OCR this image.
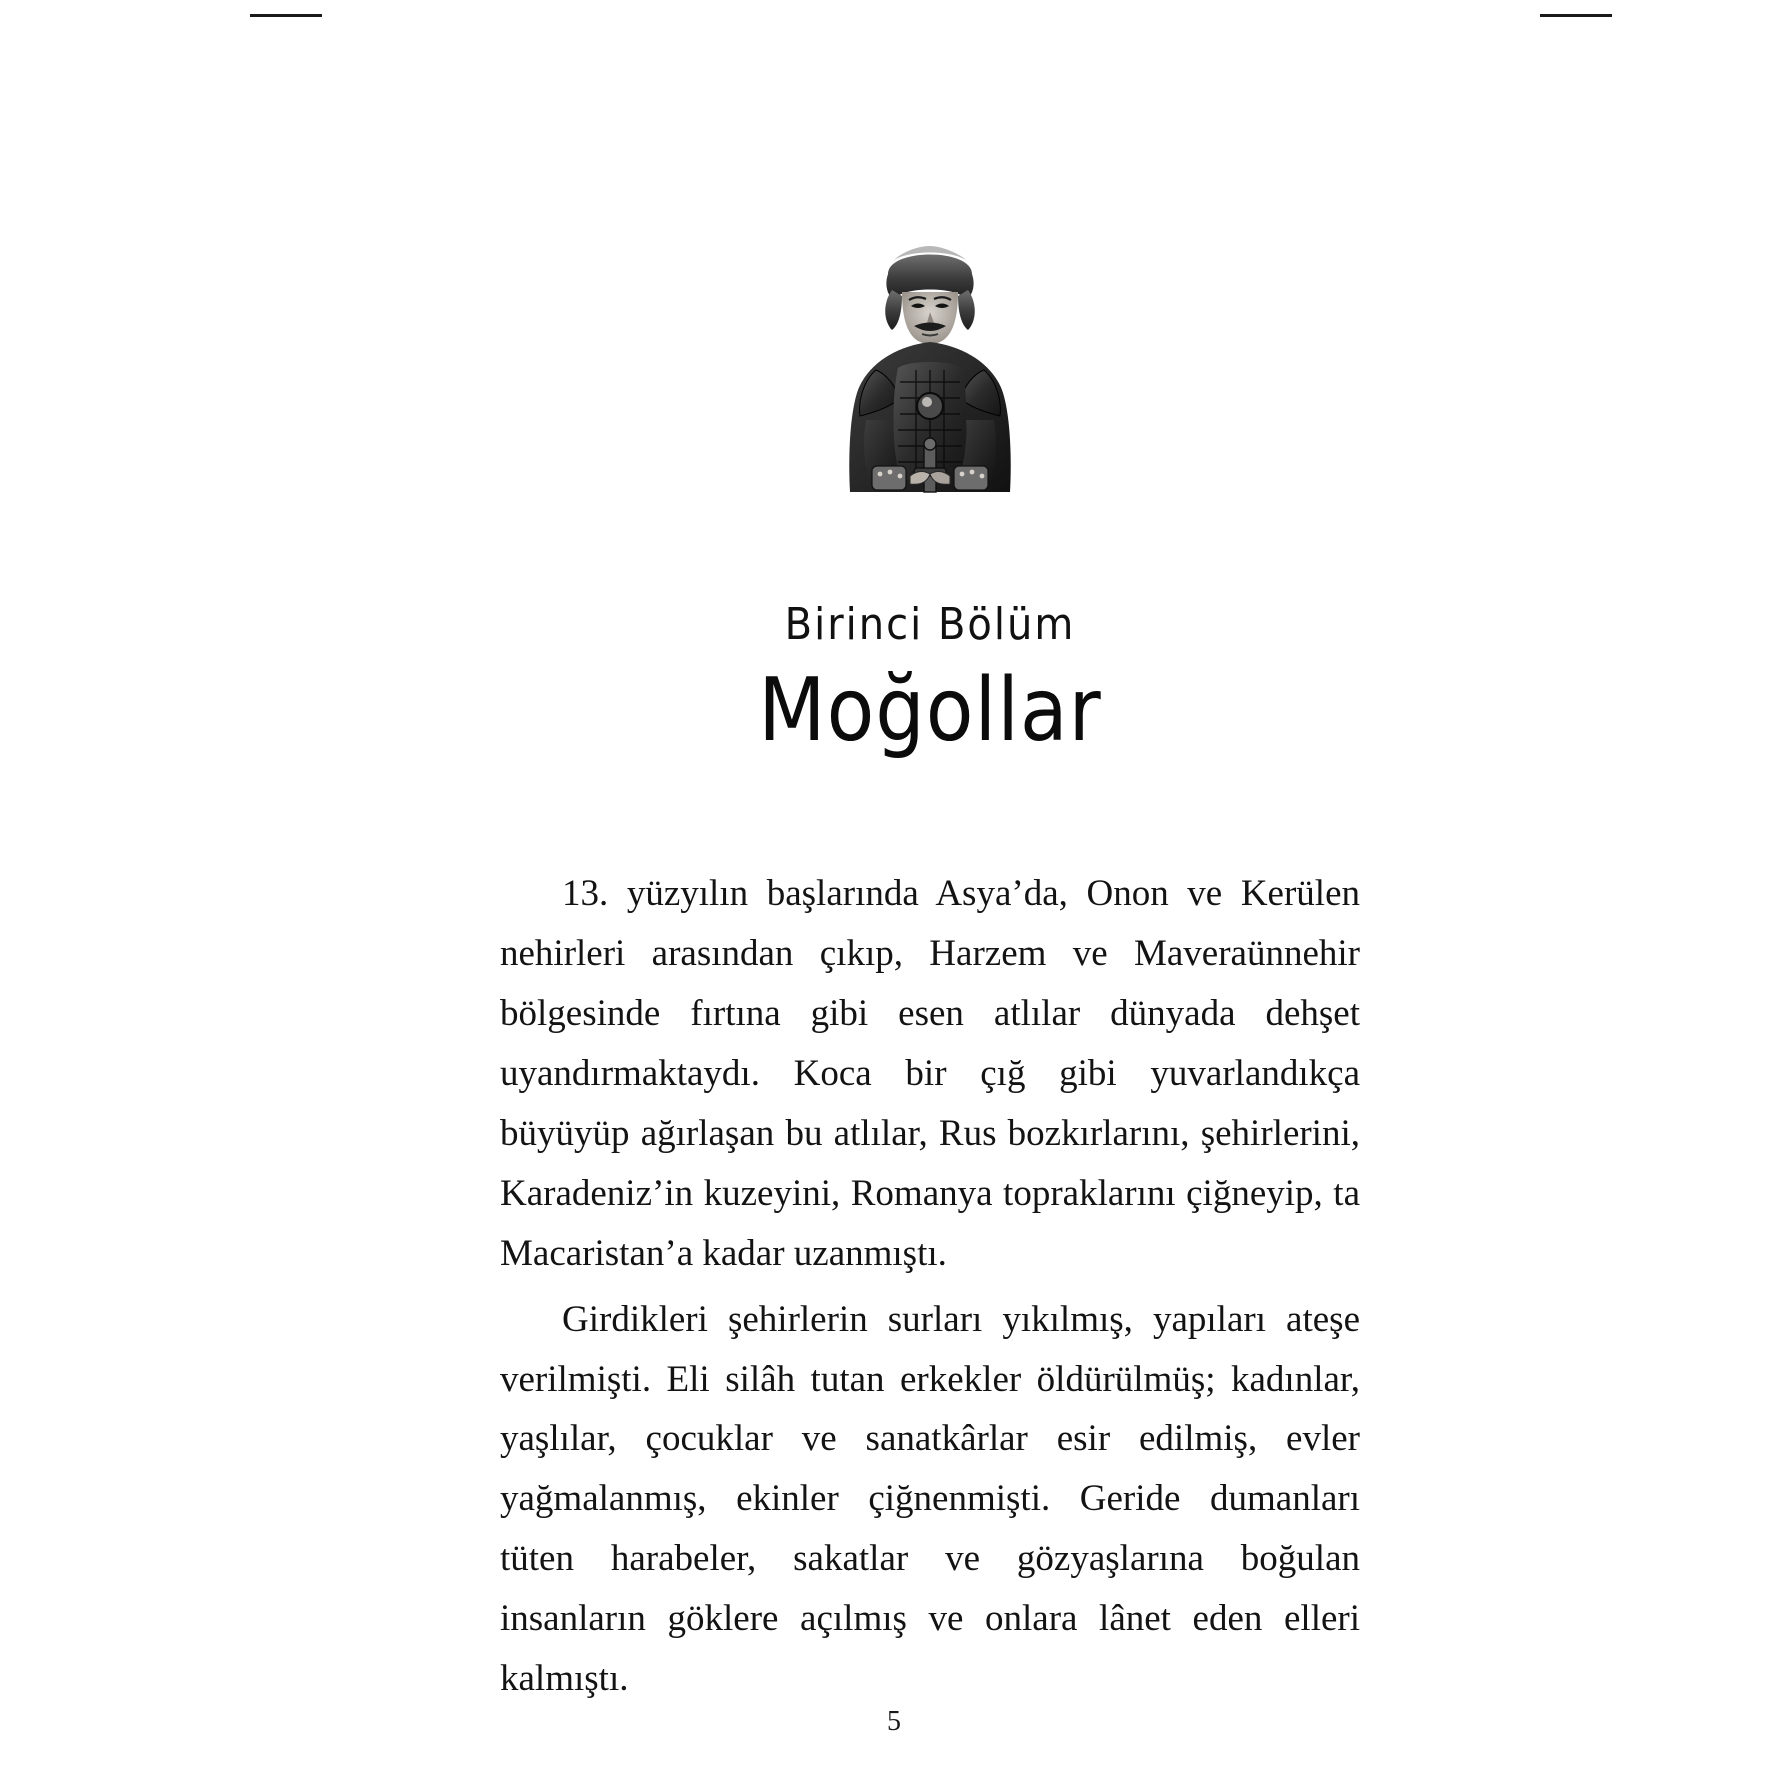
Birinci Bölüm
Moğollar

13. yüzyılın başlarında Asya’da, Onon ve Kerülen nehirleri arasından çıkıp, Harzem ve Maveraünnehir bölgesinde fırtına gibi esen atlılar dünyada dehşet uyandırmaktaydı. Koca bir çığ gibi yuvarlandıkça büyüyüp ağırlaşan bu atlılar, Rus bozkırlarını, şehirlerini, Karadeniz’in kuzeyini, Romanya topraklarını çiğneyip, ta Macaristan’a kadar uzanmıştı.

Girdikleri şehirlerin surları yıkılmış, yapıları ateşe verilmişti. Eli silâh tutan erkekler öldürülmüş; kadınlar, yaşlılar, çocuklar ve sanatkârlar esir edilmiş, evler yağmalanmış, ekinler çiğnenmişti. Geride dumanları tüten harabeler, sakatlar ve gözyaşlarına boğulan insanların göklere açılmış ve onlara lânet eden elleri kalmıştı.

5
